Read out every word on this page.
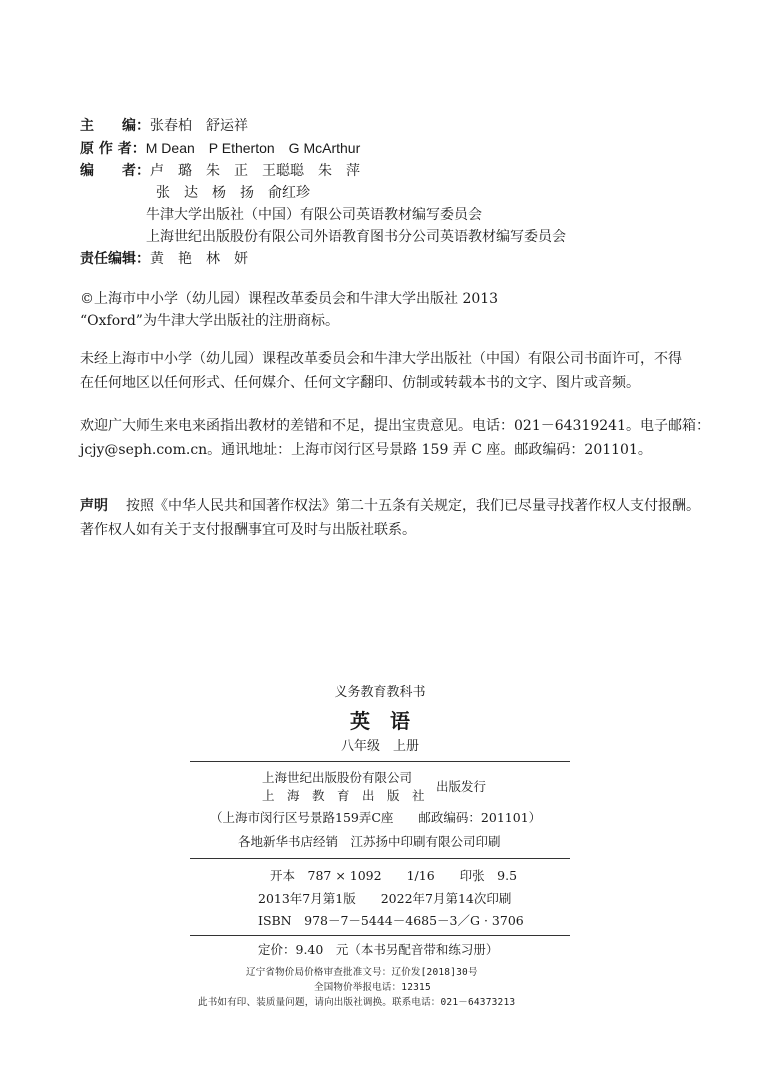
主　　编：张春柏　舒运祥
原 作 者：M Dean　P Etherton　G McArthur
编　　者：卢　璐　朱　正　王聪聪　朱　萍
张　达　杨　扬　俞红珍
牛津大学出版社（中国）有限公司英语教材编写委员会
上海世纪出版股份有限公司外语教育图书分公司英语教材编写委员会
责任编辑：黄　艳　林　妍
©上海市中小学（幼儿园）课程改革委员会和牛津大学出版社 2013
“Oxford”为牛津大学出版社的注册商标。
未经上海市中小学（幼儿园）课程改革委员会和牛津大学出版社（中国）有限公司书面许可，不得在任何地区以任何形式、任何媒介、任何文字翻印、仿制或转载本书的文字、图片或音频。
欢迎广大师生来电来函指出教材的差错和不足，提出宝贵意见。电话：021－64319241。电子邮箱：
jcjy@seph.com.cn。通讯地址：上海市闵行区号景路 159 弄 C 座。邮政编码：201101。
声明 按照《中华人民共和国著作权法》第二十五条有关规定，我们已尽量寻找著作权人支付报酬。
著作权人如有关于支付报酬事宜可及时与出版社联系。
义务教育教科书
英　语
八年级　上册
上海世纪出版股份有限公司
上　海　教　育　出　版　社
出版发行
（上海市闵行区号景路159弄C座　　邮政编码：201101）
各地新华书店经销　江苏扬中印刷有限公司印刷
开本　787 × 1092　　1/16　　印张　9.5
2013年7月第1版　　2022年7月第14次印刷
ISBN　978－7－5444－4685－3／G · 3706
定价：9.40　元（本书另配音带和练习册）
辽宁省物价局价格审查批准文号：辽价发[2018]30号
全国物价举报电话：12315
此书如有印、装质量问题，请向出版社调换。联系电话：021－64373213
